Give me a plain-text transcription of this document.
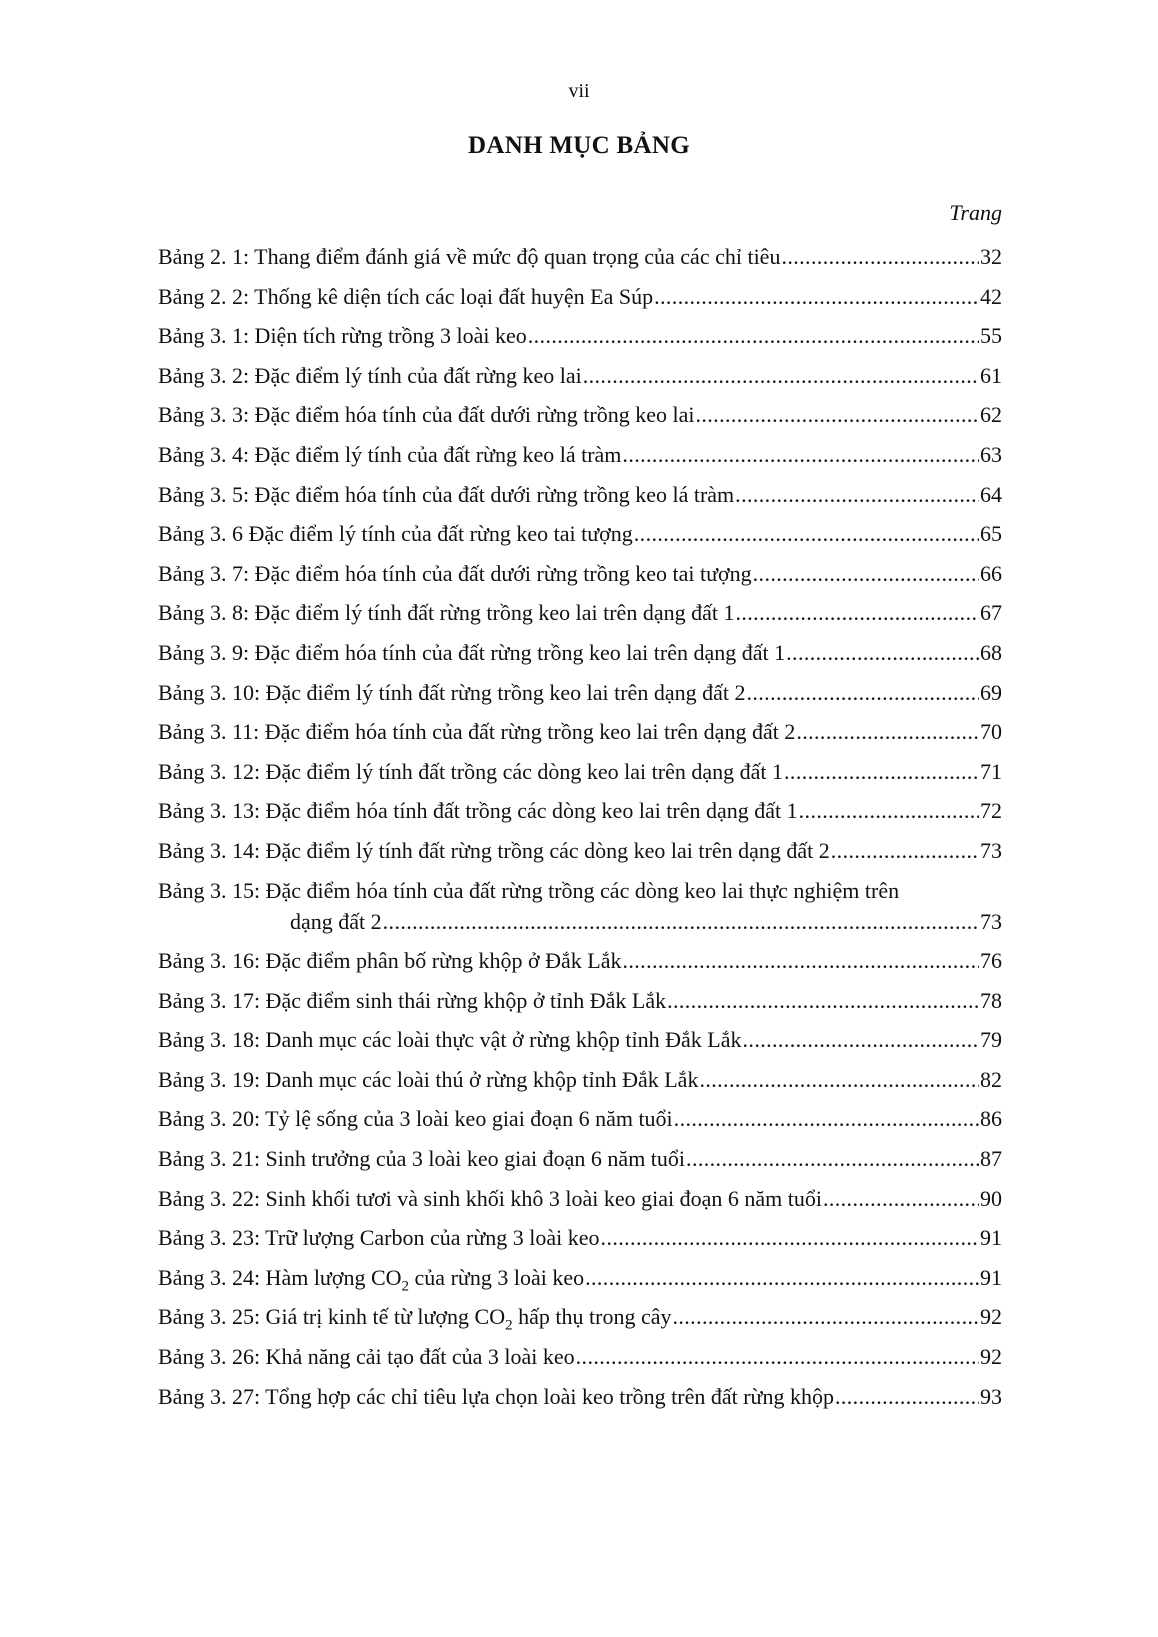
vii
DANH MỤC BẢNG
Trang
Bảng 2. 1: Thang điểm đánh giá về mức độ quan trọng của các chỉ tiêu .....	32
Bảng 2. 2: Thống kê diện tích các loại đất huyện Ea Súp .....	42
Bảng 3. 1: Diện tích rừng trồng 3 loài keo .....	55
Bảng 3. 2: Đặc điểm lý tính của đất rừng keo lai .....	61
Bảng 3. 3: Đặc điểm hóa tính của đất dưới rừng trồng keo lai .....	62
Bảng 3. 4: Đặc điểm lý tính của đất rừng keo lá tràm .....	63
Bảng 3. 5: Đặc điểm hóa tính của đất dưới rừng trồng keo lá tràm .....	64
Bảng 3. 6 Đặc điểm lý tính của đất rừng keo tai tượng .....	65
Bảng 3. 7: Đặc điểm hóa tính của đất dưới rừng trồng keo tai tượng .....	66
Bảng 3. 8: Đặc điểm lý tính đất rừng trồng keo lai trên dạng đất 1 .....	67
Bảng 3. 9: Đặc điểm hóa tính của đất rừng trồng keo lai trên dạng đất 1 .....	68
Bảng 3. 10: Đặc điểm lý tính đất rừng trồng keo lai trên dạng đất 2 .....	69
Bảng 3. 11: Đặc điểm hóa tính của đất rừng trồng keo lai trên dạng đất 2 .....	70
Bảng 3. 12: Đặc điểm lý tính đất trồng các dòng keo lai trên dạng đất 1 .....	71
Bảng 3. 13: Đặc điểm hóa tính đất trồng các dòng keo lai trên dạng đất 1 .....	72
Bảng 3. 14: Đặc điểm lý tính đất rừng trồng các dòng keo lai trên dạng đất 2 .....	73
Bảng 3. 15: Đặc điểm hóa tính của đất rừng trồng các dòng keo lai thực nghiệm trên
dạng đất 2 .....	73
Bảng 3. 16: Đặc điểm phân bố rừng khộp ở Đắk Lắk .....	76
Bảng 3. 17: Đặc điểm sinh thái rừng khộp ở tỉnh Đắk Lắk .....	78
Bảng 3. 18: Danh mục các loài thực vật ở rừng khộp tỉnh Đắk Lắk .....	79
Bảng 3. 19: Danh mục các loài thú ở rừng khộp tỉnh Đắk Lắk .....	82
Bảng 3. 20: Tỷ lệ sống của 3 loài keo giai đoạn 6 năm tuổi .....	86
Bảng 3. 21: Sinh trưởng của 3 loài keo giai đoạn 6 năm tuổi .....	87
Bảng 3. 22: Sinh khối tươi và sinh khối khô 3 loài keo giai đoạn 6 năm tuổi .....	90
Bảng 3. 23: Trữ lượng Carbon của rừng 3 loài keo .....	91
Bảng 3. 24: Hàm lượng $CO_2$ của rừng 3 loài keo .....	91
Bảng 3. 25: Giá trị kinh tế từ lượng $CO_2$ hấp thụ trong cây .....	92
Bảng 3. 26: Khả năng cải tạo đất của 3 loài keo .....	92
Bảng 3. 27: Tổng hợp các chỉ tiêu lựa chọn loài keo trồng trên đất rừng khộp .....	93
